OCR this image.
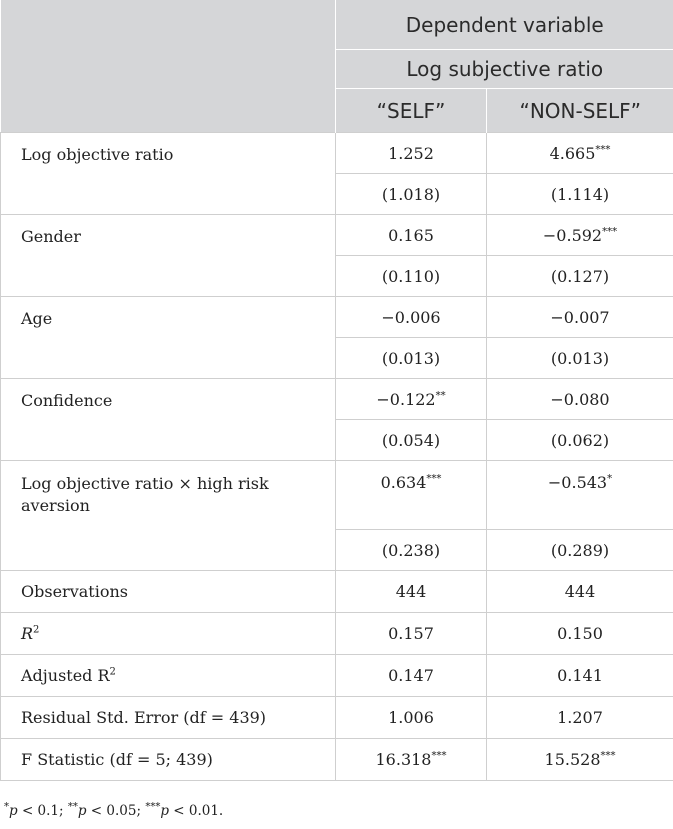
	Dependent variable	
	Log subjective ratio	
	“SELF”	“NON-SELF”
Log objective ratio	1.252	4.665***
	(1.018)	(1.114)
Gender	0.165	−0.592***
	(0.110)	(0.127)
Age	−0.006	−0.007
	(0.013)	(0.013)
Confidence	−0.122**	−0.080
	(0.054)	(0.062)
Log objective ratio × high risk aversion	0.634***	−0.543*
	(0.238)	(0.289)
Observations	444	444
$R^2$	0.157	0.150
Adjusted $R^2$	0.147	0.141
Residual Std. Error (df = 439)	1.006	1.207
F Statistic (df = 5; 439)	16.318***	15.528***
*p < 0.1; **p < 0.05; ***p < 0.01.
